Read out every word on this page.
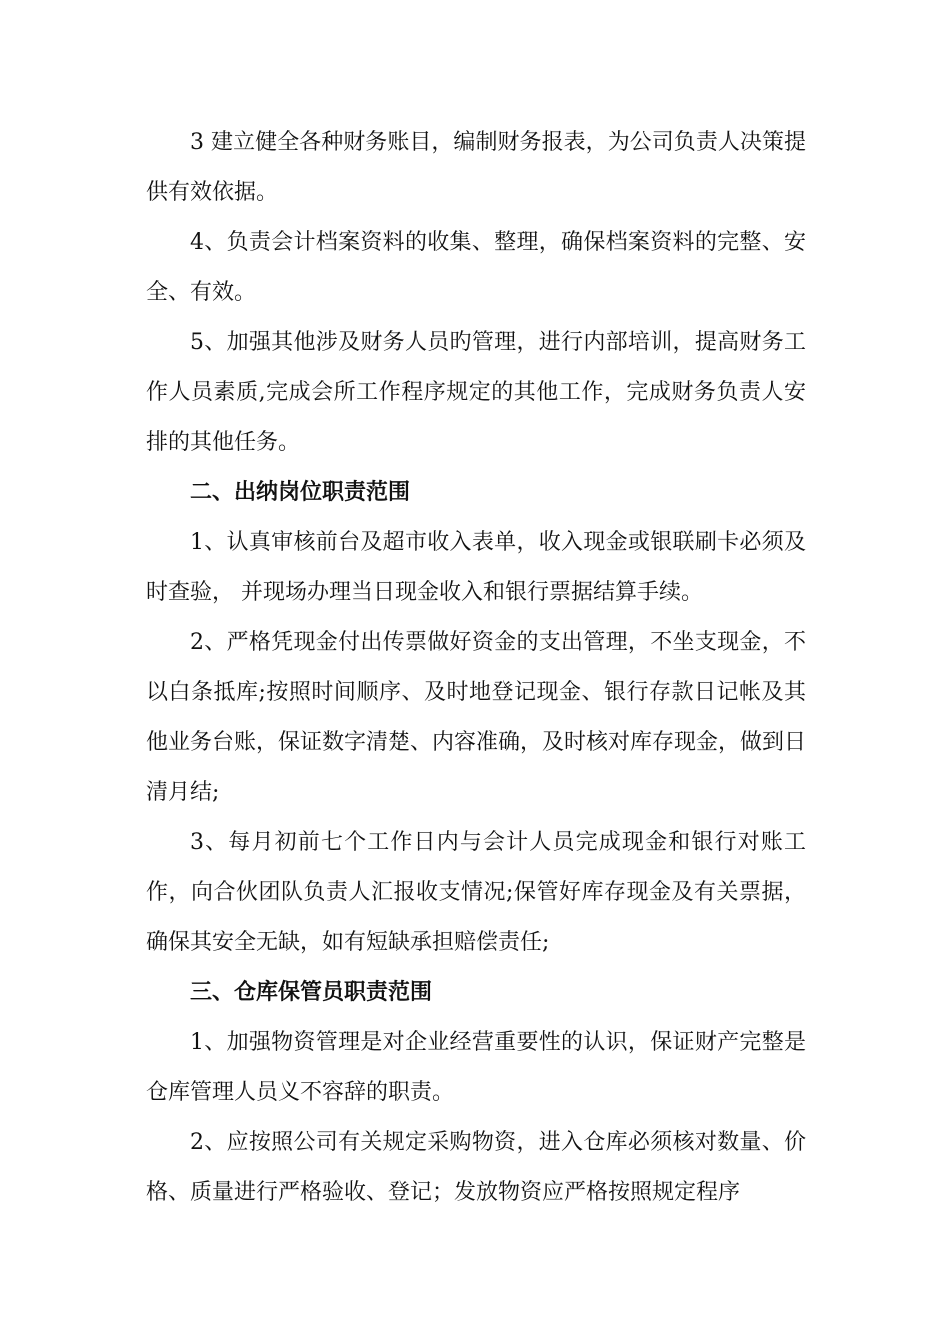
3 建立健全各种财务账目，编制财务报表，为公司负责人决策提供有效依据。

4、负责会计档案资料的收集、整理，确保档案资料的完整、安全、有效。

5、加强其他涉及财务人员旳管理，进行内部培训，提高财务工作人员素质,完成会所工作程序规定的其他工作，完成财务负责人安排的其他任务。

二、出纳岗位职责范围

1、认真审核前台及超市收入表单，收入现金或银联刷卡必须及时查验， 并现场办理当日现金收入和银行票据结算手续。

2、严格凭现金付出传票做好资金的支出管理，不坐支现金，不以白条抵库;按照时间顺序、及时地登记现金、银行存款日记帐及其他业务台账，保证数字清楚、内容准确，及时核对库存现金，做到日清月结;

3、每月初前七个工作日内与会计人员完成现金和银行对账工作，向合伙团队负责人汇报收支情况;保管好库存现金及有关票据，确保其安全无缺，如有短缺承担赔偿责任;

三、仓库保管员职责范围

1、加强物资管理是对企业经营重要性的认识，保证财产完整是仓库管理人员义不容辞的职责。

2、应按照公司有关规定采购物资，进入仓库必须核对数量、价格、质量进行严格验收、登记；发放物资应严格按照规定程序
